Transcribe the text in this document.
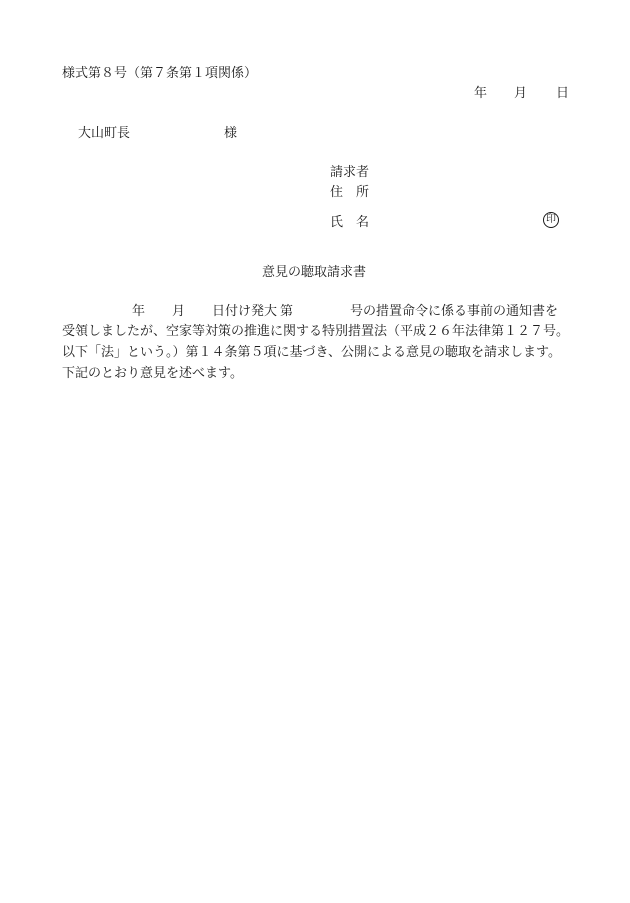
様式第８号（第７条第１項関係）
年 月 日
大山町長	様
請求者
住　所
氏　名	印
意見の聴取請求書
年 月 日付け発大 第	号の措置命令に係る事前の通知書を
受領しましたが、空家等対策の推進に関する特別措置法（平成２６年法律第１２７号。
以下「法」という。）第１４条第５項に基づき、公開による意見の聴取を請求します。
下記のとおり意見を述べます。
